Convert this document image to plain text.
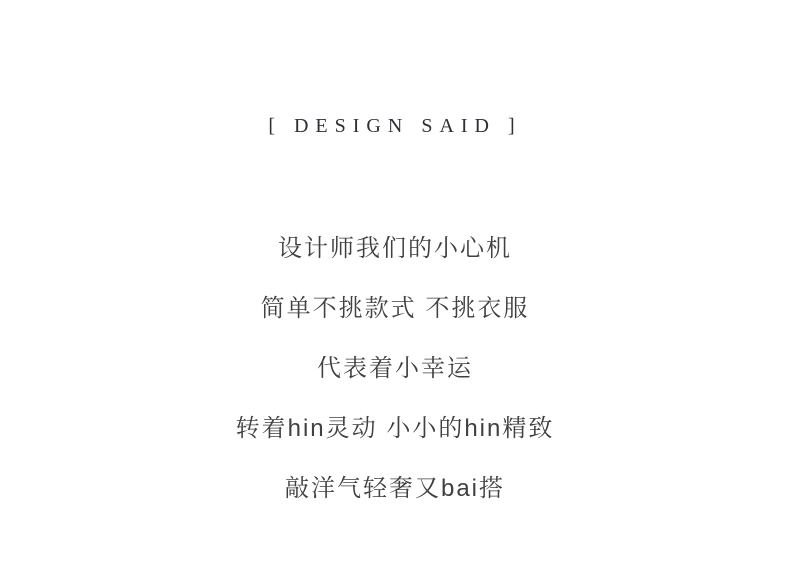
[ DESIGN SAID ]

设计师我们的小心机

简单不挑款式 不挑衣服

代表着小幸运

转着hin灵动 小小的hin精致

敲洋气轻奢又bai搭
